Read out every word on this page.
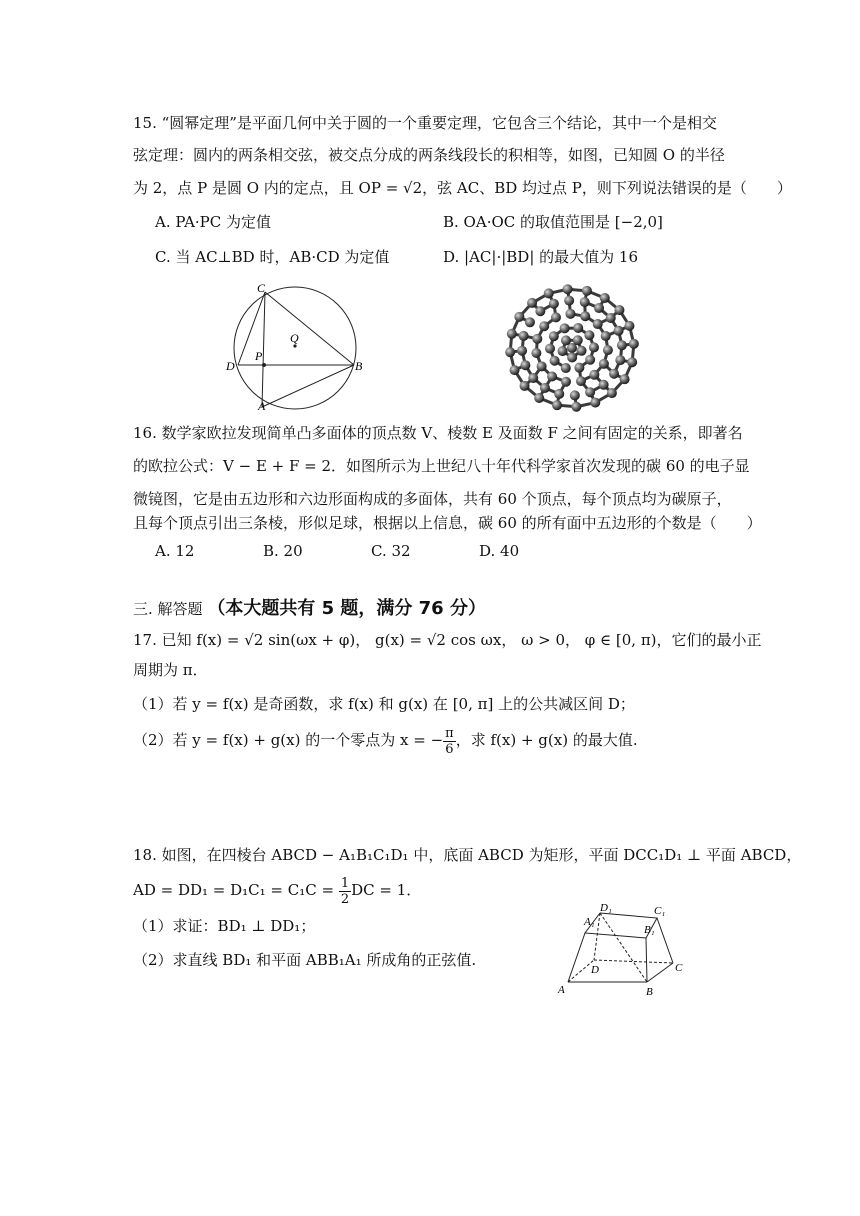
15. “圆幂定理”是平面几何中关于圆的一个重要定理，它包含三个结论，其中一个是相交
弦定理：圆内的两条相交弦，被交点分成的两条线段长的积相等，如图，已知圆 O 的半径
为 2，点 P 是圆 O 内的定点，且 OP = √2，弦 AC、BD 均过点 P，则下列说法错误的是（　　）
A. PA·PC 为定值	B. OA·OC 的取值范围是 [−2,0]
C. 当 AC⊥BD 时，AB·CD 为定值	D. |AC|·|BD| 的最大值为 16
C
D
P
Q
B
A
16. 数学家欧拉发现简单凸多面体的顶点数 V、棱数 E 及面数 F 之间有固定的关系，即著名
的欧拉公式：V − E + F = 2．如图所示为上世纪八十年代科学家首次发现的碳 60 的电子显
微镜图，它是由五边形和六边形面构成的多面体，共有 60 个顶点，每个顶点均为碳原子，
且每个顶点引出三条棱，形似足球，根据以上信息，碳 60 的所有面中五边形的个数是（　　）
A. 12	B. 20	C. 32	D. 40
三. 解答题 （本大题共有 5 题，满分 76 分）
17. 已知 f(x) = √2 sin(ωx + φ)， g(x) = √2 cos ωx， ω > 0， φ ∈ [0, π)，它们的最小正
周期为 π．
（1）若 y = f(x) 是奇函数，求 f(x) 和 g(x) 在 [0, π] 上的公共减区间 D；
（2）若 y = f(x) + g(x) 的一个零点为 x = − $\frac{\pi}{6}$ ，求 f(x) + g(x) 的最大值.
18. 如图，在四棱台 ABCD − A₁B₁C₁D₁ 中，底面 ABCD 为矩形，平面 DCC₁D₁ ⊥ 平面 ABCD，
AD = $DD_1 = D_1C_1 = C_1C = \frac{1}{2}$ DC = 1．
（1）求证：BD₁ ⊥ DD₁；
（2）求直线 BD₁ 和平面 ABB₁A₁ 所成角的正弦值.
D₁	C₁
A₁
B₁
D	C
A	B
